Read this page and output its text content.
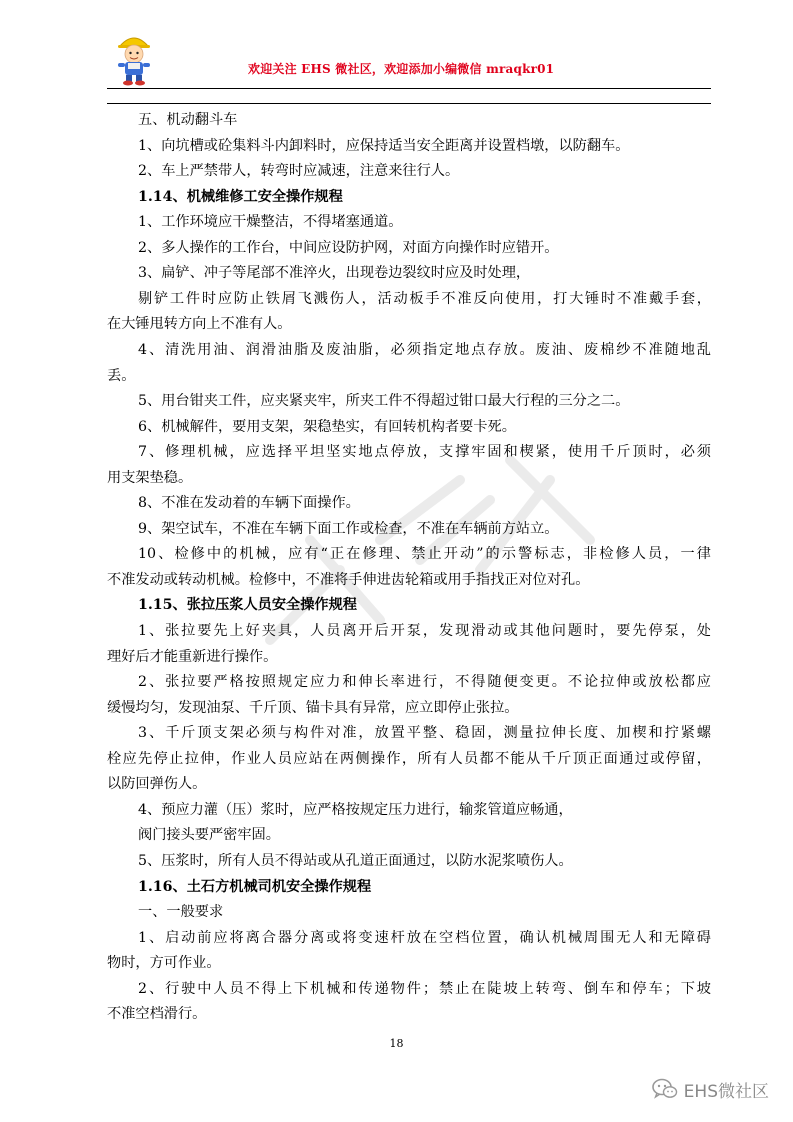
欢迎关注 EHS 微社区，欢迎添加小编微信 mraqkr01
五、机动翻斗车
1、向坑槽或砼集料斗内卸料时，应保持适当安全距离并设置档墩，以防翻车。
2、车上严禁带人，转弯时应减速，注意来往行人。
1.14、机械维修工安全操作规程
1、工作环境应干燥整洁，不得堵塞通道。
2、多人操作的工作台，中间应设防护网，对面方向操作时应错开。
3、扁铲、冲子等尾部不准淬火，出现卷边裂纹时应及时处理，
剔铲工件时应防止铁屑飞溅伤人，活动板手不准反向使用，打大锤时不准戴手套，
在大锤甩转方向上不准有人。
4、清洗用油、润滑油脂及废油脂，必须指定地点存放。废油、废棉纱不准随地乱
丢。
5、用台钳夹工件，应夹紧夹牢，所夹工件不得超过钳口最大行程的三分之二。
6、机械解件，要用支架，架稳垫实，有回转机构者要卡死。
7、修理机械，应选择平坦坚实地点停放，支撑牢固和楔紧，使用千斤顶时，必须
用支架垫稳。
8、不准在发动着的车辆下面操作。
9、架空试车，不准在车辆下面工作或检查，不准在车辆前方站立。
10、检修中的机械，应有“正在修理、禁止开动”的示警标志，非检修人员，一律
不准发动或转动机械。检修中，不准将手伸进齿轮箱或用手指找正对位对孔。
1.15、张拉压浆人员安全操作规程
1、张拉要先上好夹具，人员离开后开泵，发现滑动或其他问题时，要先停泵，处
理好后才能重新进行操作。
2、张拉要严格按照规定应力和伸长率进行，不得随便变更。不论拉伸或放松都应
缓慢均匀，发现油泵、千斤顶、锚卡具有异常，应立即停止张拉。
3、千斤顶支架必须与构件对准，放置平整、稳固，测量拉伸长度、加楔和拧紧螺
栓应先停止拉伸，作业人员应站在两侧操作，所有人员都不能从千斤顶正面通过或停留，
以防回弹伤人。
4、预应力灌（压）浆时，应严格按规定压力进行，输浆管道应畅通，
阀门接头要严密牢固。
5、压浆时，所有人员不得站或从孔道正面通过，以防水泥浆喷伤人。
1.16、土石方机械司机安全操作规程
一、一般要求
1、启动前应将离合器分离或将变速杆放在空档位置，确认机械周围无人和无障碍
物时，方可作业。
2、行驶中人员不得上下机械和传递物件；禁止在陡坡上转弯、倒车和停车；下坡
不准空档滑行。
18
EHS微社区
